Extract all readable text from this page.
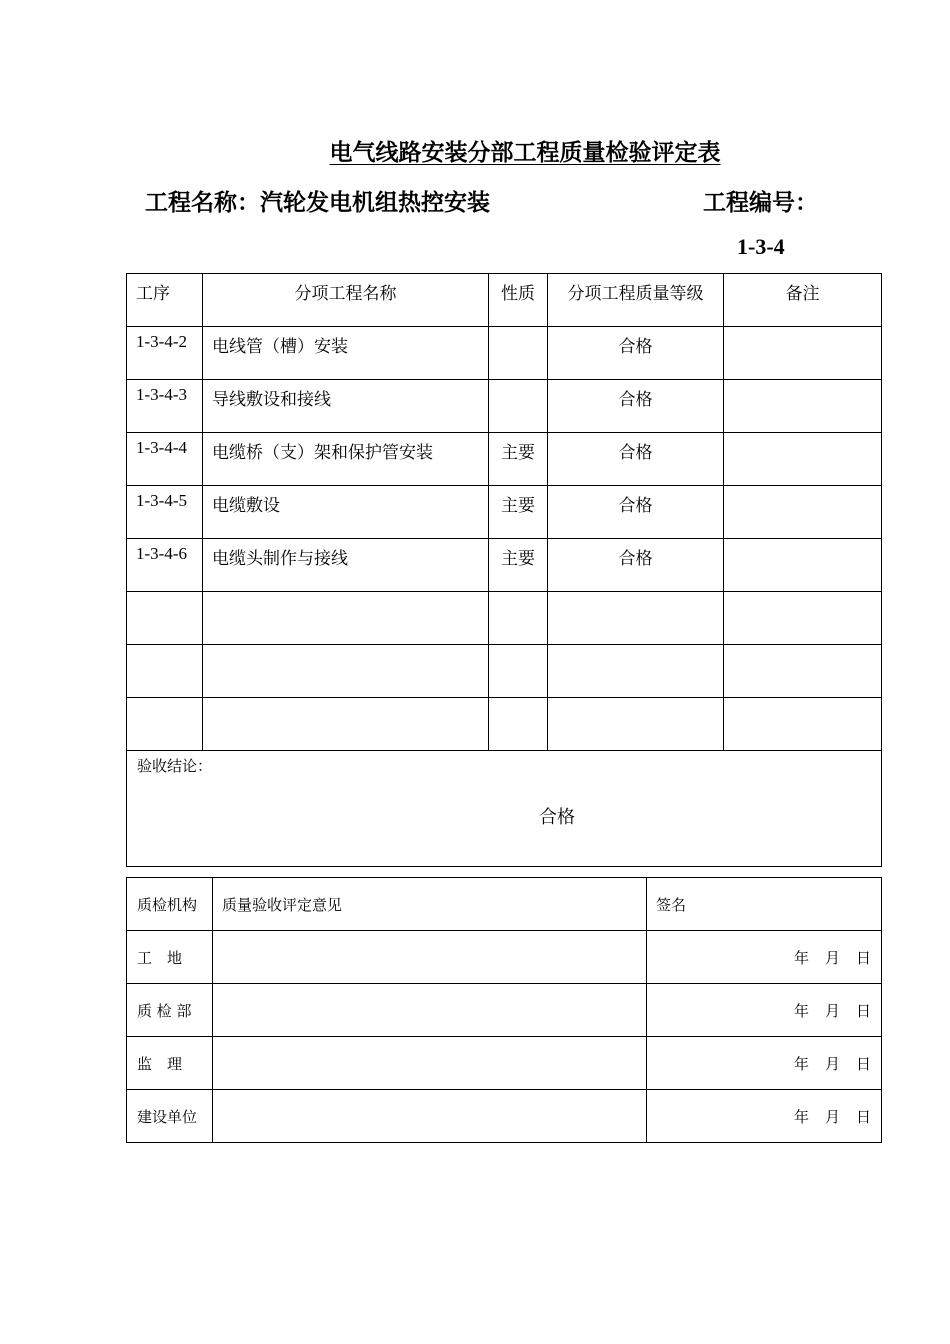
电气线路安装分部工程质量检验评定表
工程名称：汽轮发电机组热控安装	工程编号：
1-3-4
工序	分项工程名称	性质	分项工程质量等级	备注
1-3-4-2	电线管（槽）安装		合格	
1-3-4-3	导线敷设和接线		合格	
1-3-4-4	电缆桥（支）架和保护管安装	主要	合格	
1-3-4-5	电缆敷设	主要	合格	
1-3-4-6	电缆头制作与接线	主要	合格	

验收结论：
合格				
质检机构	质量验收评定意见	签名
工　地		年 月 日
质 检 部		年 月 日
监　理		年 月 日
建设单位		年 月 日
